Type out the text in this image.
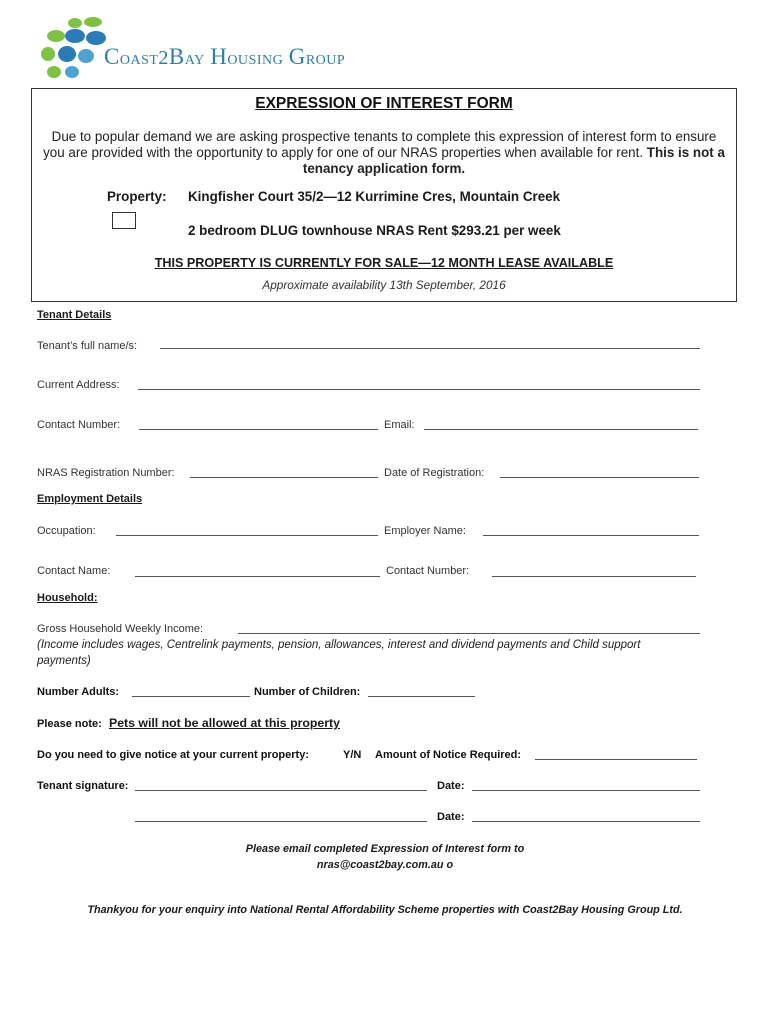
Coast2Bay Housing Group
EXPRESSION OF INTEREST FORM
Due to popular demand we are asking prospective tenants to complete this expression of interest form to ensure you are provided with the opportunity to apply for one of our NRAS properties when available for rent. This is not a tenancy application form.
Property: Kingfisher Court 35/2—12 Kurrimine Cres, Mountain Creek
2 bedroom DLUG townhouse NRAS Rent $293.21 per week
THIS PROPERTY IS CURRENTLY FOR SALE—12 MONTH LEASE AVAILABLE
Approximate availability 13th September, 2016
Tenant Details
Tenant’s full name/s:
Current Address:
Contact Number:	Email:
NRAS Registration Number:	Date of Registration:
Employment Details
Occupation:	Employer Name:
Contact Name:	Contact Number:
Household:
Gross Household Weekly Income:
(Income includes wages, Centrelink payments, pension, allowances, interest and dividend payments and Child support payments)
Number Adults:	Number of Children:
Please note: Pets will not be allowed at this property
Do you need to give notice at your current property:	Y/N Amount of Notice Required:
Tenant signature:	Date:
Date:
Please email completed Expression of Interest form to
nras@coast2bay.com.au o
Thankyou for your enquiry into National Rental Affordability Scheme properties with Coast2Bay Housing Group Ltd.
